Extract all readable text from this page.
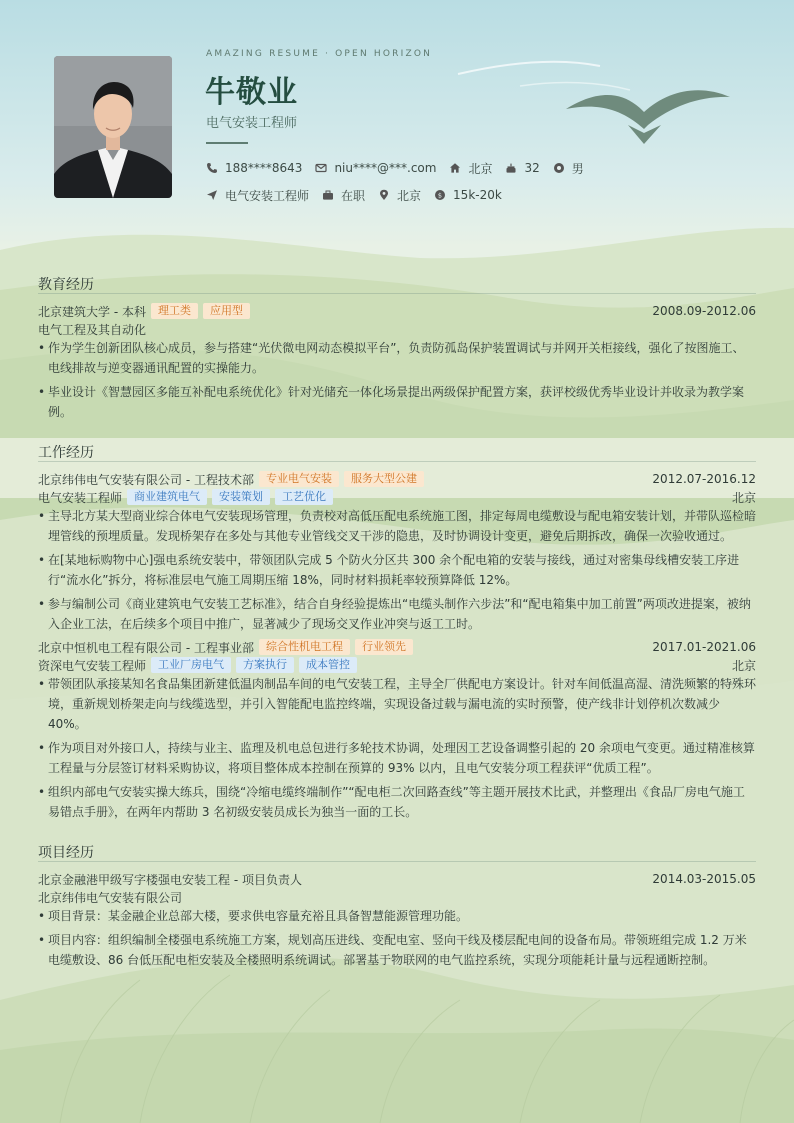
AMAZING RESUME · OPEN HORIZON
牛敬业
电气安装工程师
188****8643	niu****@***.com	北京	32	男
电气安装工程师	在职	北京	$ 15k-20k
教育经历
北京建筑大学 - 本科	理工类	应用型	2008.09-2012.06
电气工程及其自动化
• 作为学生创新团队核心成员，参与搭建“光伏微电网动态模拟平台”，负责防孤岛保护装置调试与并网开关柜接线，强化了按图施工、电线排故与逆变器通讯配置的实操能力。
• 毕业设计《智慧园区多能互补配电系统优化》针对光储充一体化场景提出两级保护配置方案，获评校级优秀毕业设计并收录为教学案例。
工作经历
北京纬伟电气安装有限公司 - 工程技术部	专业电气安装	服务大型公建	2012.07-2016.12
电气安装工程师	商业建筑电气	安装策划	工艺优化	北京
• 主导北方某大型商业综合体电气安装现场管理，负责校对高低压配电系统施工图，排定每周电缆敷设与配电箱安装计划，并带队巡检暗埋管线的预埋质量。发现桥架存在多处与其他专业管线交叉干涉的隐患，及时协调设计变更，避免后期拆改，确保一次验收通过。
• 在[某地标购物中心]强电系统安装中，带领团队完成 5 个防火分区共 300 余个配电箱的安装与接线，通过对密集母线槽安装工序进行“流水化”拆分，将标准层电气施工周期压缩 18%，同时材料损耗率较预算降低 12%。
• 参与编制公司《商业建筑电气安装工艺标准》，结合自身经验提炼出“电缆头制作六步法”和“配电箱集中加工前置”两项改进提案，被纳入企业工法，在后续多个项目中推广，显著减少了现场交叉作业冲突与返工工时。
北京中恒机电工程有限公司 - 工程事业部	综合性机电工程	行业领先	2017.01-2021.06
资深电气安装工程师	工业厂房电气	方案执行	成本管控	北京
• 带领团队承接某知名食品集团新建低温肉制品车间的电气安装工程，主导全厂供配电方案设计。针对车间低温高湿、清洗频繁的特殊环境，重新规划桥架走向与线缆选型，并引入智能配电监控终端，实现设备过载与漏电流的实时预警，使产线非计划停机次数减少 40%。
• 作为项目对外接口人，持续与业主、监理及机电总包进行多轮技术协调，处理因工艺设备调整引起的 20 余项电气变更。通过精准核算工程量与分层签订材料采购协议，将项目整体成本控制在预算的 93% 以内，且电气安装分项工程获评“优质工程”。
• 组织内部电气安装实操大练兵，围绕“冷缩电缆终端制作”“配电柜二次回路查线”等主题开展技术比武，并整理出《食品厂房电气施工易错点手册》，在两年内帮助 3 名初级安装员成长为独当一面的工长。
项目经历
北京金融港甲级写字楼强电安装工程 - 项目负责人	2014.03-2015.05
北京纬伟电气安装有限公司
• 项目背景：某金融企业总部大楼，要求供电容量充裕且具备智慧能源管理功能。
• 项目内容：组织编制全楼强电系统施工方案，规划高压进线、变配电室、竖向干线及楼层配电间的设备布局。带领班组完成 1.2 万米电缆敷设、86 台低压配电柜安装及全楼照明系统调试。部署基于物联网的电气监控系统，实现分项能耗计量与远程通断控制。
